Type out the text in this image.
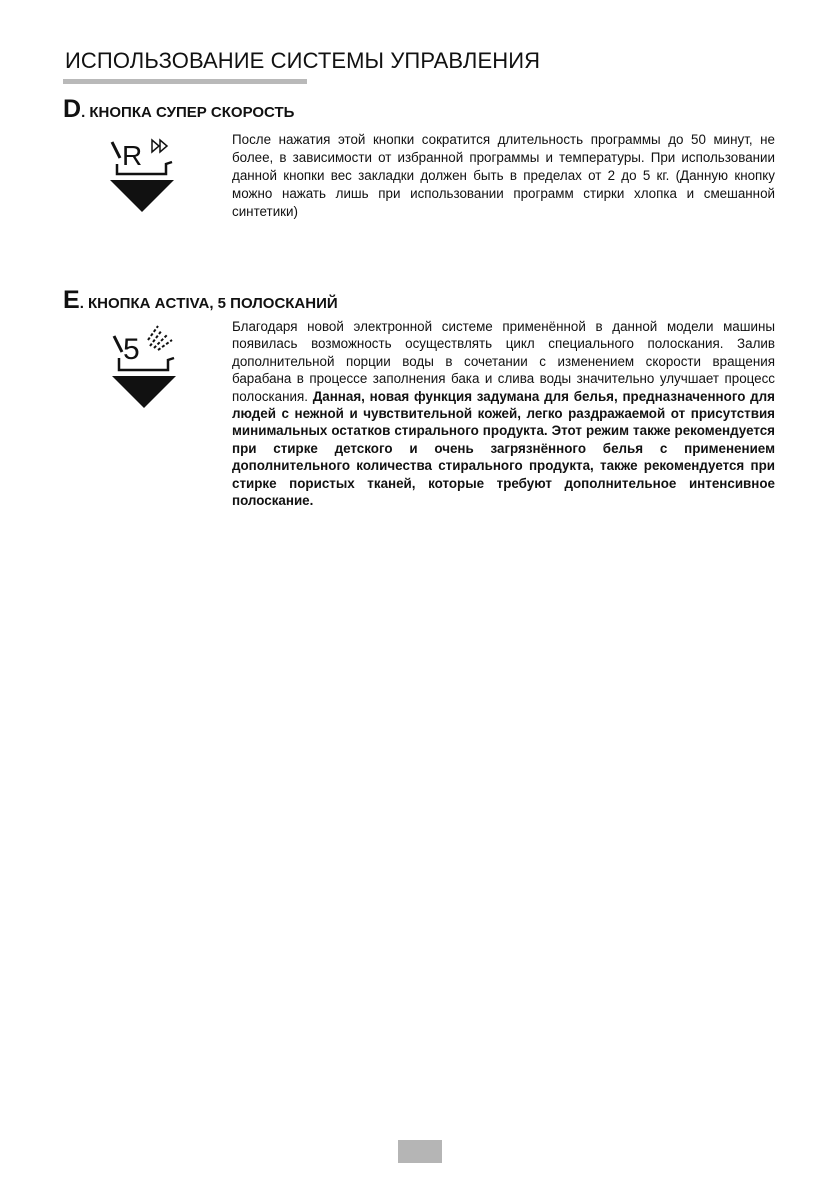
ИСПОЛЬЗОВАНИЕ СИСТЕМЫ УПРАВЛЕНИЯ
D. КНОПКА СУПЕР СКОРОСТЬ
R
После нажатия этой кнопки сократится длительность программы до 50 минут, не более, в зависимости от избранной программы и температуры. При использовании данной кнопки вес закладки должен быть в пределах от 2 до 5 кг. (Данную кнопку можно нажать лишь при использовании программ стирки хлопка и смешанной синтетики)
E. КНОПКА ACTIVA, 5 ПОЛОСКАНИЙ
5
Благодаря новой электронной системе применённой в данной модели машины появилась возможность осуществлять цикл специального полоскания. Залив дополнительной порции воды в сочетании с изменением скорости вращения барабана в процессе заполнения бака и слива воды значительно улучшает процесс полоскания. Данная, новая функция задумана для белья, предназначенного для людей с нежной и чувствительной кожей, легко раздражаемой от присутствия минимальных остатков стирального продукта. Этот режим также рекомендуется при стирке детского и очень загрязнённого белья с применением дополнительного количества стирального продукта, также рекомендуется при стирке пористых тканей, которые требуют дополнительное интенсивное полоскание.
